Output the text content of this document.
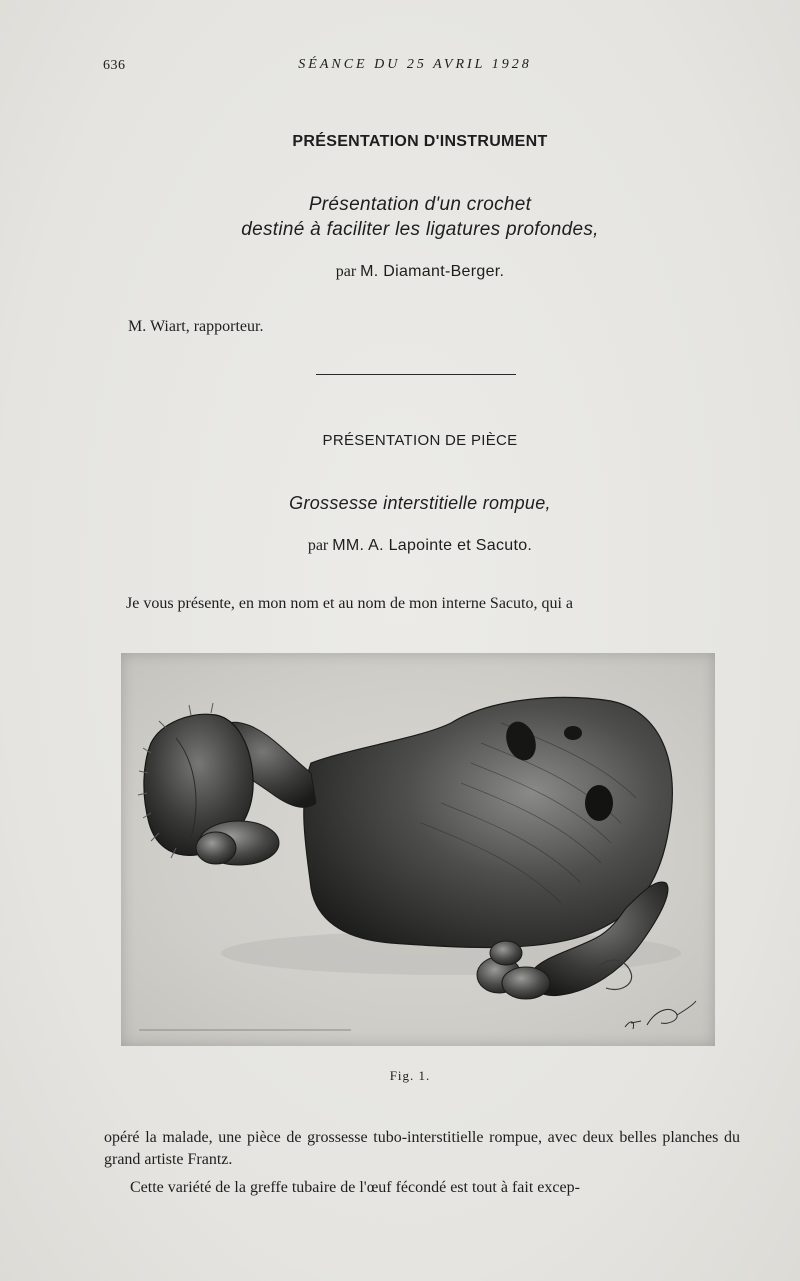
636	SÉANCE DU 25 AVRIL 1928
PRÉSENTATION D'INSTRUMENT
Présentation d'un crochet
destiné à faciliter les ligatures profondes,
par M. Diamant-Berger.
M. Wiart, rapporteur.
PRÉSENTATION DE PIÈCE
Grossesse interstitielle rompue,
par MM. A. Lapointe et Sacuto.
Je vous présente, en mon nom et au nom de mon interne Sacuto, qui a
Fig. 1.
opéré la malade, une pièce de grossesse tubo-interstitielle rompue, avec deux belles planches du grand artiste Frantz.
Cette variété de la greffe tubaire de l'œuf fécondé est tout à fait excep-
